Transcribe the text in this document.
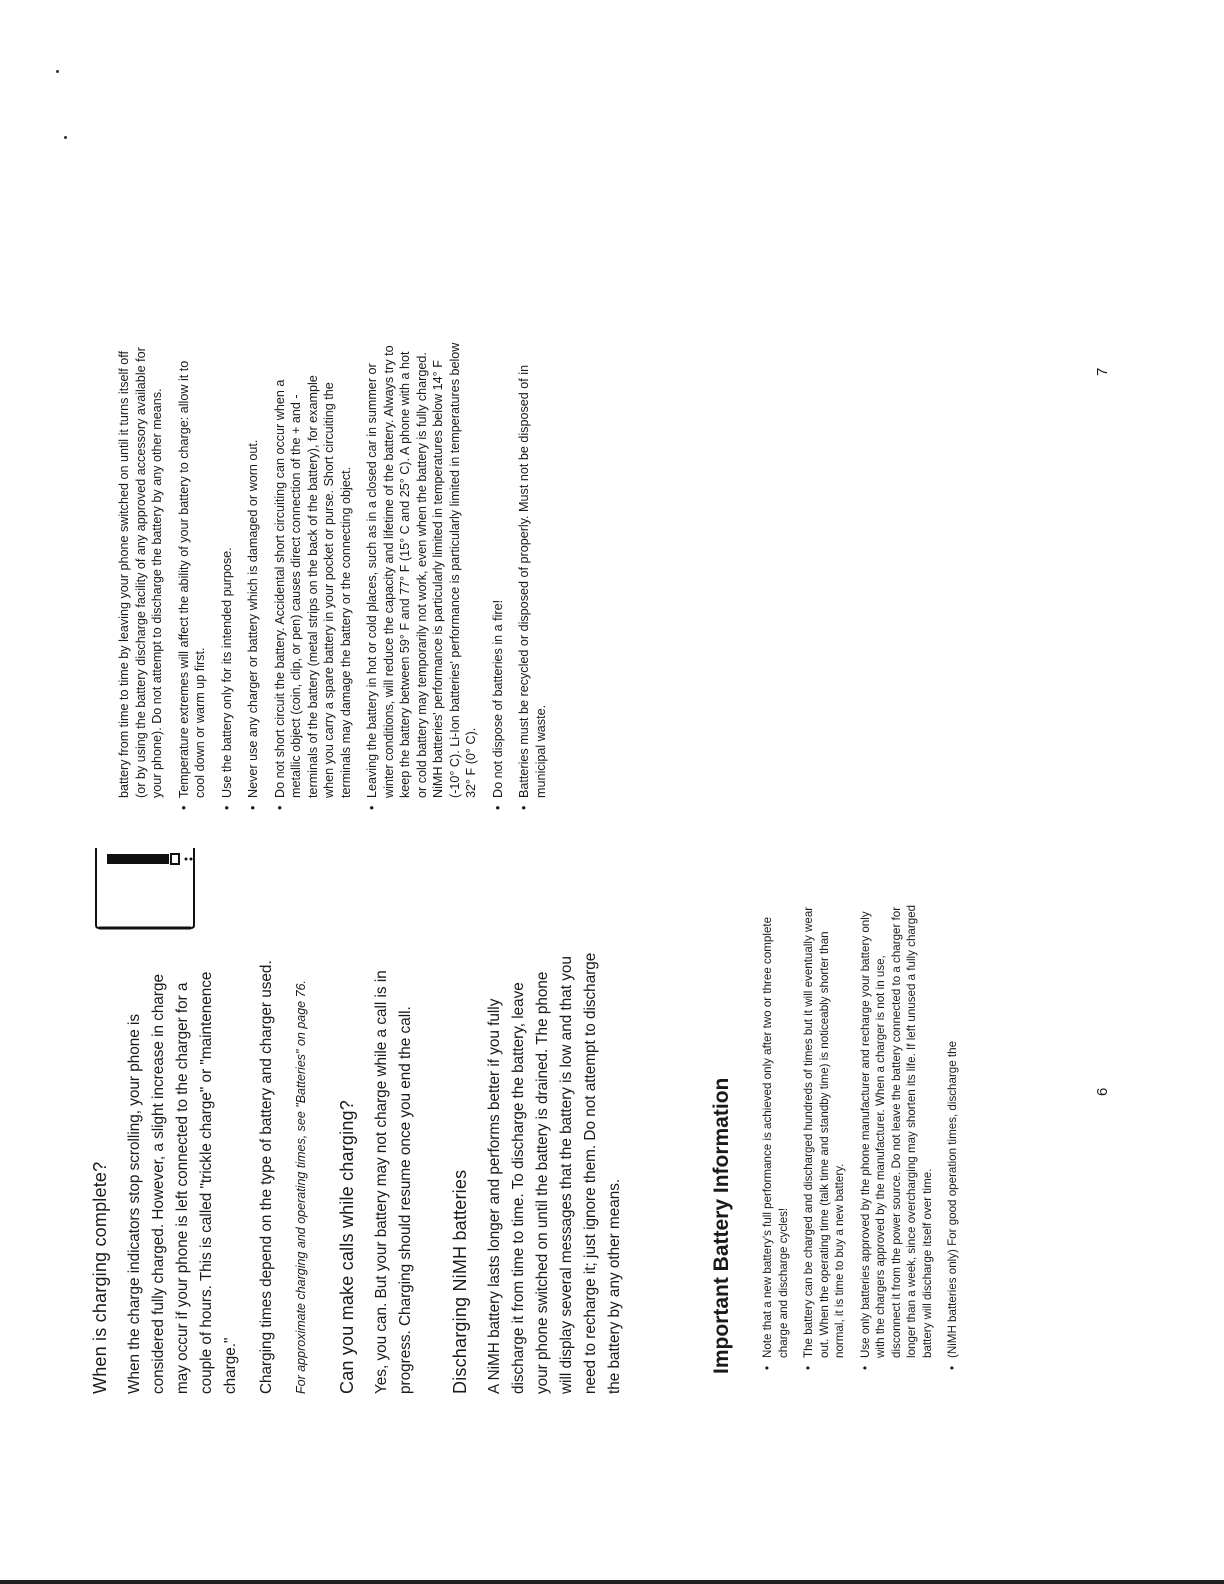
When is charging complete? When the charge indicators stop scrolling, your phone is considered fully charged. However, a slight increase in charge may occur if your phone is left connected to the charger for a couple of hours. This is called "trickle charge" or "maintenence charge." Charging times depend on the type of battery and charger used.	For approximate charging and operating times, see "Batteries" on page 76. Can you make calls while charging? Yes, you can. But your battery may not charge while a call is in progress. Charging should resume once you end the call. Discharging NiMH batteries A NiMH battery lasts longer and performs better if you fully discharge it from time to time. To discharge the battery, leave your phone switched on until the battery is drained. The phone will display several messages that the battery is low and that you need to recharge it; just ignore them. Do not attempt to discharge the battery by any other means.	Important Battery Information •
Note that a new battery's full performance is achieved only after two or three complete charge and discharge cycles!
•
The battery can be charged and discharged hundreds of times but it will eventually wear out. When the operating time (talk time and standby time) is noticeably shorter than normal, it is time to buy a new battery.
•
Use only batteries approved by the phone manufacturer and recharge your battery only with the chargers approved by the manufacturer. When a charger is not in use, disconnect it from the power source. Do not leave the battery connected to a charger for longer than a week, since overcharging may shorten its life. If left unused a fully charged battery will discharge itself over time.
•
(NiMH batteries only) For good operation times, discharge the	6

battery from time to time by leaving your phone switched on until it turns itself off (or by using the battery discharge facility of any approved accessory available for your phone). Do not attempt to discharge the battery by any other means.

•
Temperature extremes will affect the ability of your battery to charge: allow it to cool down or warm up first.
•
Use the battery only for its intended purpose.
•
Never use any charger or battery which is damaged or worn out.
•
Do not short circuit the battery. Accidental short circuiting can occur when a metallic object (coin, clip, or pen) causes direct connection of the + and - terminals of the battery (metal strips on the back of the battery), for example when you carry a spare battery in your pocket or purse. Short circuiting the terminals may damage the battery or the connecting object.
•
Leaving the battery in hot or cold places, such as in a closed car in summer or winter conditions, will reduce the capacity and lifetime of the battery. Always try to keep the battery between 59° F and 77° F (15° C and 25° C). A phone with a hot or cold battery may temporarily not work, even when the battery is fully charged. NiMH batteries' performance is particularly limited in temperatures below 14° F (-10° C). Li-Ion batteries' performance is particularly limited in temperatures below 32° F (0° C).
•
Do not dispose of batteries in a fire!
•
Batteries must be recycled or disposed of properly. Must not be disposed of in municipal waste.
7
